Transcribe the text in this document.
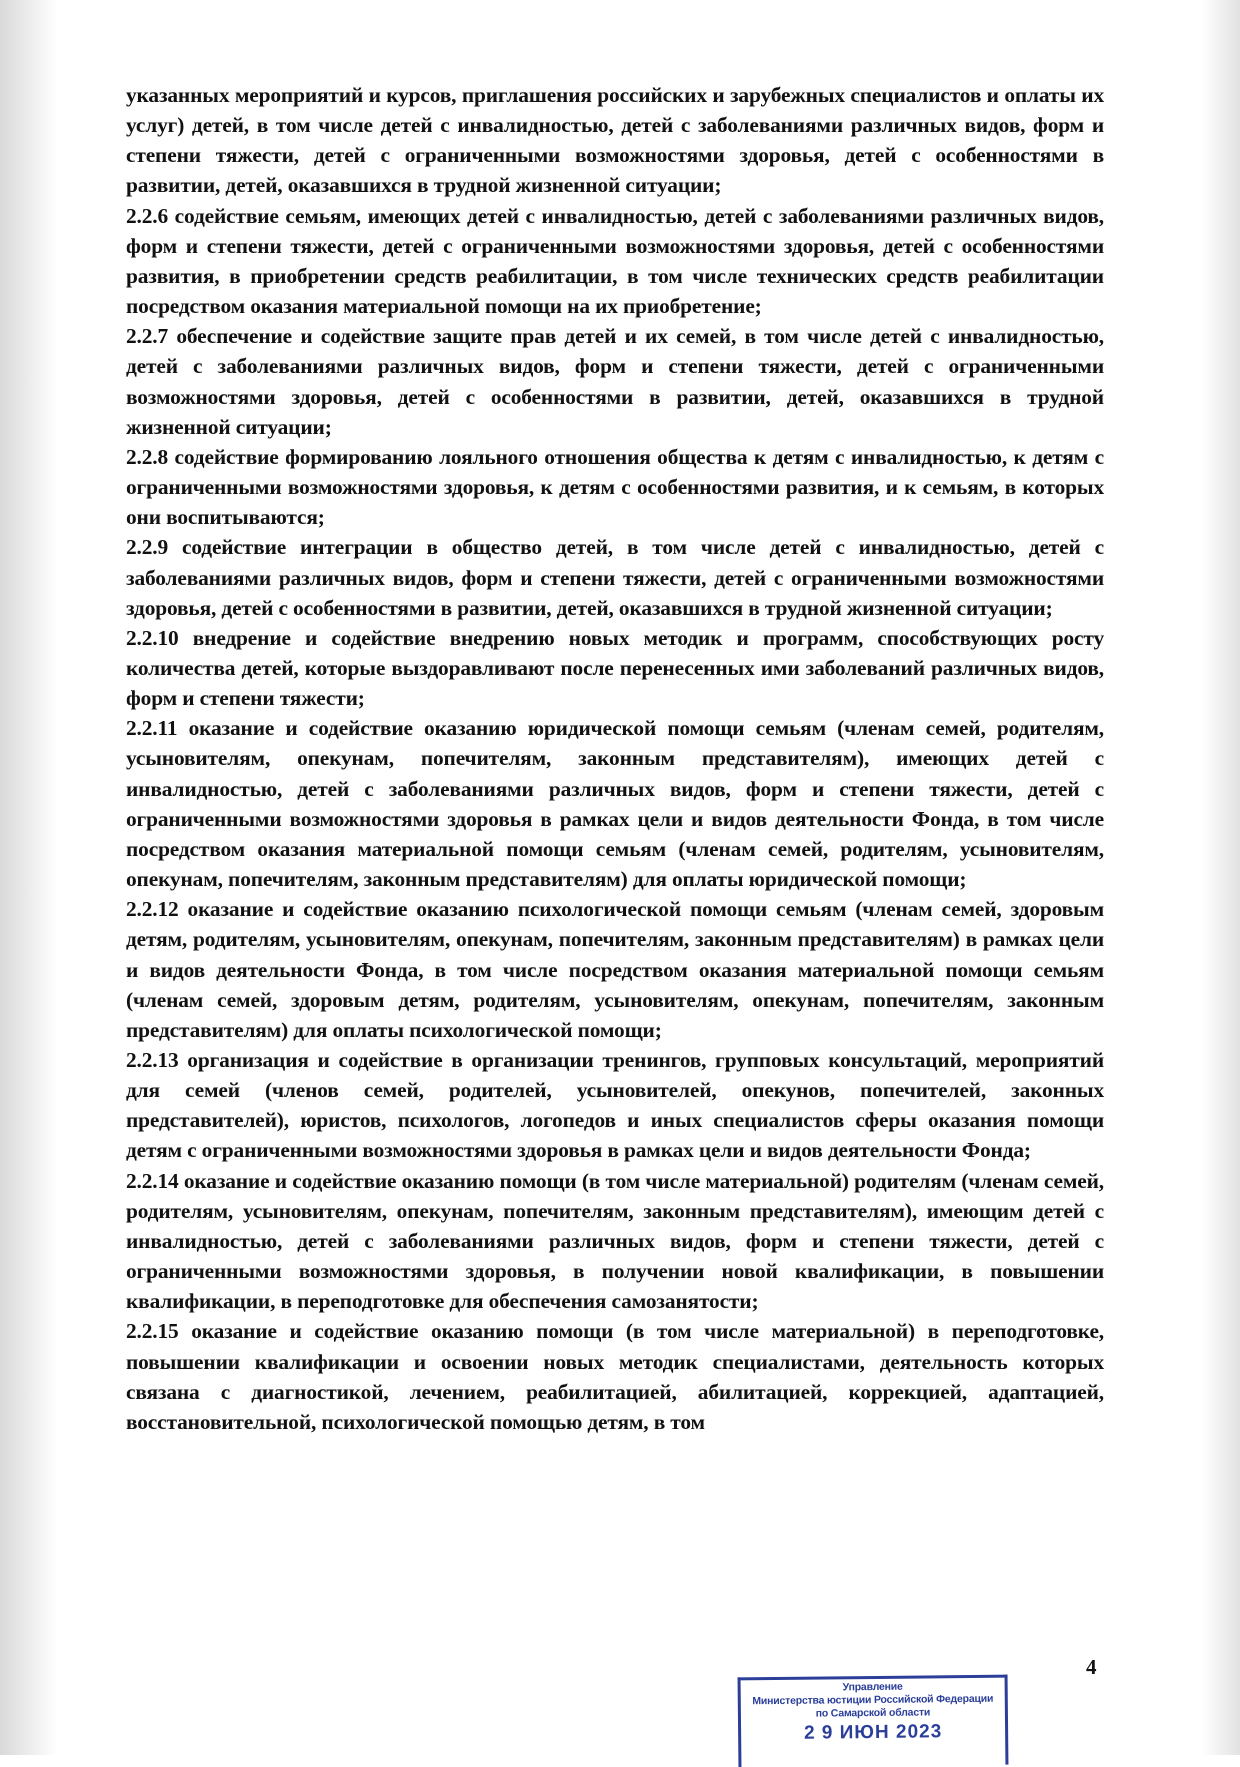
указанных мероприятий и курсов, приглашения российских и зарубежных специалистов и оплаты их услуг) детей, в том числе детей с инвалидностью, детей с заболеваниями различных видов, форм и степени тяжести, детей с ограниченными возможностями здоровья, детей с особенностями в развитии, детей, оказавшихся в трудной жизненной ситуации;

2.2.6 содействие семьям, имеющих детей с инвалидностью, детей с заболеваниями различных видов, форм и степени тяжести, детей с ограниченными возможностями здоровья, детей с особенностями развития, в приобретении средств реабилитации, в том числе технических средств реабилитации посредством оказания материальной помощи на их приобретение;

2.2.7 обеспечение и содействие защите прав детей и их семей, в том числе детей с инвалидностью, детей с заболеваниями различных видов, форм и степени тяжести, детей с ограниченными возможностями здоровья, детей с особенностями в развитии, детей, оказавшихся в трудной жизненной ситуации;

2.2.8 содействие формированию лояльного отношения общества к детям с инвалидностью, к детям с ограниченными возможностями здоровья, к детям с особенностями развития, и к семьям, в которых они воспитываются;

2.2.9 содействие интеграции в общество детей, в том числе детей с инвалидностью, детей с заболеваниями различных видов, форм и степени тяжести, детей с ограниченными возможностями здоровья, детей с особенностями в развитии, детей, оказавшихся в трудной жизненной ситуации;

2.2.10 внедрение и содействие внедрению новых методик и программ, способствующих росту количества детей, которые выздоравливают после перенесенных ими заболеваний различных видов, форм и степени тяжести;

2.2.11 оказание и содействие оказанию юридической помощи семьям (членам семей, родителям, усыновителям, опекунам, попечителям, законным представителям), имеющих детей с инвалидностью, детей с заболеваниями различных видов, форм и степени тяжести, детей с ограниченными возможностями здоровья в рамках цели и видов деятельности Фонда, в том числе посредством оказания материальной помощи семьям (членам семей, родителям, усыновителям, опекунам, попечителям, законным представителям) для оплаты юридической помощи;

2.2.12 оказание и содействие оказанию психологической помощи семьям (членам семей, здоровым детям, родителям, усыновителям, опекунам, попечителям, законным представителям) в рамках цели и видов деятельности Фонда, в том числе посредством оказания материальной помощи семьям (членам семей, здоровым детям, родителям, усыновителям, опекунам, попечителям, законным представителям) для оплаты психологической помощи;

2.2.13 организация и содействие в организации тренингов, групповых консультаций, мероприятий для семей (членов семей, родителей, усыновителей, опекунов, попечителей, законных представителей), юристов, психологов, логопедов и иных специалистов сферы оказания помощи детям с ограниченными возможностями здоровья в рамках цели и видов деятельности Фонда;

2.2.14 оказание и содействие оказанию помощи (в том числе материальной) родителям (членам семей, родителям, усыновителям, опекунам, попечителям, законным представителям), имеющим детей с инвалидностью, детей с заболеваниями различных видов, форм и степени тяжести, детей с ограниченными возможностями здоровья, в получении новой квалификации, в повышении квалификации, в переподготовке для обеспечения самозанятости;

2.2.15 оказание и содействие оказанию помощи (в том числе материальной) в переподготовке, повышении квалификации и освоении новых методик специалистами, деятельность которых связана с диагностикой, лечением, реабилитацией, абилитацией, коррекцией, адаптацией, восстановительной, психологической помощью детям, в том

4
Управление
Министерства юстиции Российской Федерации
по Самарской области
2 9 ИЮН 2023
